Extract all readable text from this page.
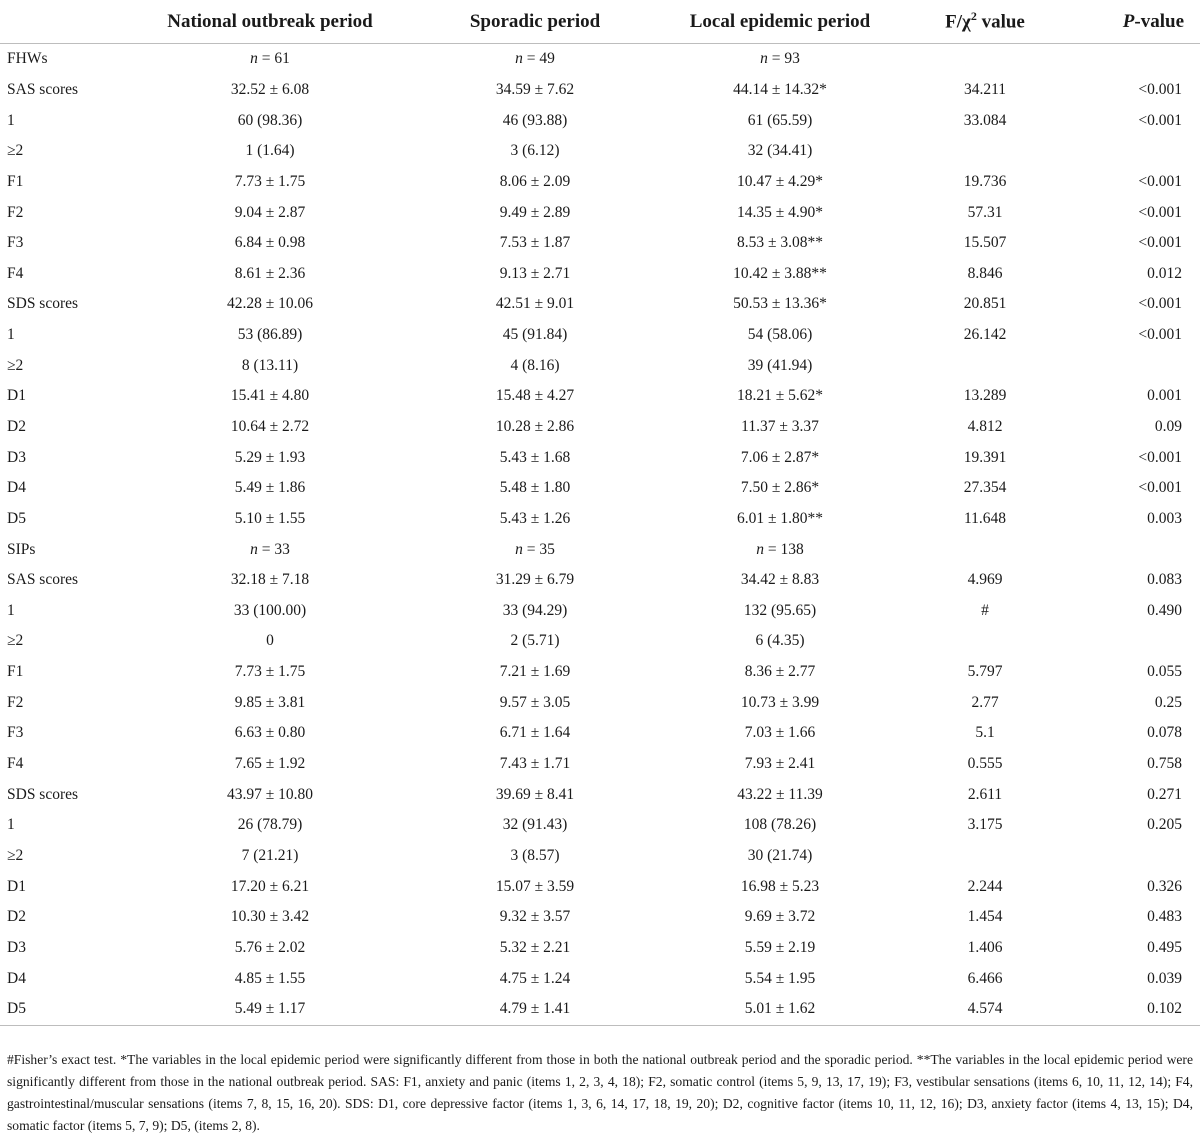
	National outbreak period	Sporadic period	Local epidemic period	$F/\chi^2$ value	P-value
FHWs	n = 61	n = 49	n = 93		
SAS scores	32.52 ± 6.08	34.59 ± 7.62	44.14 ± 14.32*	34.211	<0.001
1	60 (98.36)	46 (93.88)	61 (65.59)	33.084	<0.001
≥2	1 (1.64)	3 (6.12)	32 (34.41)		
F1	7.73 ± 1.75	8.06 ± 2.09	10.47 ± 4.29*	19.736	<0.001
F2	9.04 ± 2.87	9.49 ± 2.89	14.35 ± 4.90*	57.31	<0.001
F3	6.84 ± 0.98	7.53 ± 1.87	8.53 ± 3.08**	15.507	<0.001
F4	8.61 ± 2.36	9.13 ± 2.71	10.42 ± 3.88**	8.846	0.012
SDS scores	42.28 ± 10.06	42.51 ± 9.01	50.53 ± 13.36*	20.851	<0.001
1	53 (86.89)	45 (91.84)	54 (58.06)	26.142	<0.001
≥2	8 (13.11)	4 (8.16)	39 (41.94)		
D1	15.41 ± 4.80	15.48 ± 4.27	18.21 ± 5.62*	13.289	0.001
D2	10.64 ± 2.72	10.28 ± 2.86	11.37 ± 3.37	4.812	0.09
D3	5.29 ± 1.93	5.43 ± 1.68	7.06 ± 2.87*	19.391	<0.001
D4	5.49 ± 1.86	5.48 ± 1.80	7.50 ± 2.86*	27.354	<0.001
D5	5.10 ± 1.55	5.43 ± 1.26	6.01 ± 1.80**	11.648	0.003
SIPs	n = 33	n = 35	n = 138		
SAS scores	32.18 ± 7.18	31.29 ± 6.79	34.42 ± 8.83	4.969	0.083
1	33 (100.00)	33 (94.29)	132 (95.65)	#	0.490
≥2	0	2 (5.71)	6 (4.35)		
F1	7.73 ± 1.75	7.21 ± 1.69	8.36 ± 2.77	5.797	0.055
F2	9.85 ± 3.81	9.57 ± 3.05	10.73 ± 3.99	2.77	0.25
F3	6.63 ± 0.80	6.71 ± 1.64	7.03 ± 1.66	5.1	0.078
F4	7.65 ± 1.92	7.43 ± 1.71	7.93 ± 2.41	0.555	0.758
SDS scores	43.97 ± 10.80	39.69 ± 8.41	43.22 ± 11.39	2.611	0.271
1	26 (78.79)	32 (91.43)	108 (78.26)	3.175	0.205
≥2	7 (21.21)	3 (8.57)	30 (21.74)		
D1	17.20 ± 6.21	15.07 ± 3.59	16.98 ± 5.23	2.244	0.326
D2	10.30 ± 3.42	9.32 ± 3.57	9.69 ± 3.72	1.454	0.483
D3	5.76 ± 2.02	5.32 ± 2.21	5.59 ± 2.19	1.406	0.495
D4	4.85 ± 1.55	4.75 ± 1.24	5.54 ± 1.95	6.466	0.039
D5	5.49 ± 1.17	4.79 ± 1.41	5.01 ± 1.62	4.574	0.102
#Fisher’s exact test. *The variables in the local epidemic period were significantly different from those in both the national outbreak period and the sporadic period. **The variables in the local epidemic period were significantly different from those in the national outbreak period. SAS: F1, anxiety and panic (items 1, 2, 3, 4, 18); F2, somatic control (items 5, 9, 13, 17, 19); F3, vestibular sensations (items 6, 10, 11, 12, 14); F4, gastrointestinal/muscular sensations (items 7, 8, 15, 16, 20). SDS: D1, core depressive factor (items 1, 3, 6, 14, 17, 18, 19, 20); D2, cognitive factor (items 10, 11, 12, 16); D3, anxiety factor (items 4, 13, 15); D4, somatic factor (items 5, 7, 9); D5, (items 2, 8).
